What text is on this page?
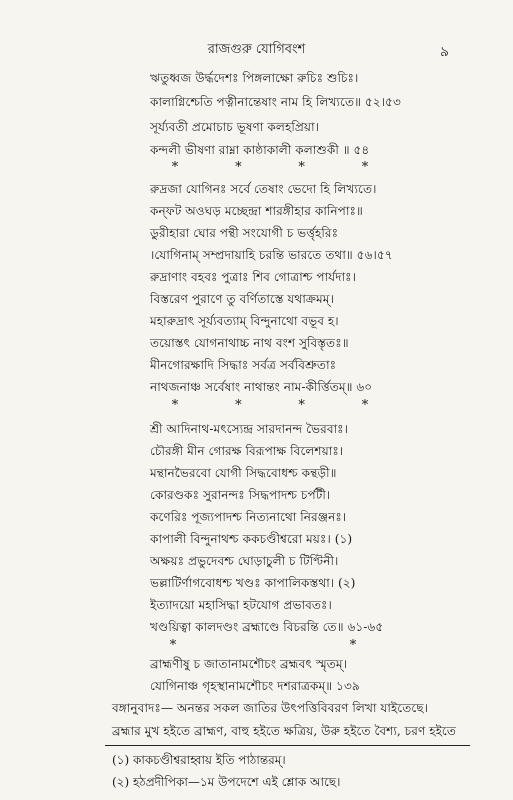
রাজগুরু যোগিবংশ	৯
ঋতুধ্বজ উর্দ্ধদেশঃ পিঙ্গলাক্ষো রুচিঃ শুচিঃ।
কালাগ্নিশ্চেতি পত্নীনান্তেষাং নাম হি লিখ্যতে॥ ৫২।৫৩
সূর্য্যবতী প্রমোচাচ ভূষণা কলহপ্রিয়া।
কন্দলী ভীষণা রাম্না কাষ্ঠাকালী কলাশুকী ॥ ৫৪
*	*	*	*
রুদ্রজা যোগিনঃ সর্বে তেষাং ভেদো হি লিখ্যতে।
কন্ফট অওঘড় মচ্ছেন্দ্রা শারঙ্গীহার কানিপাঃ॥
ডুরীহারা ঘোর পন্থী সংযোগী চ ভর্ত্তৃহরিঃ
।যোগিনাম্ সম্প্রদায়াহি চরন্তি ভারতে তথা॥ ৫৬।৫৭
রুদ্রাণাং বহবঃ পুত্রাঃ শিব গোত্রাশ্চ পার্যদাঃ।
বিস্তরেণ পুরাণে তু বর্ণিতাস্তে যথাক্রমম্।
মহারুদ্রাৎ সূর্য্যবত্যাম্ বিন্দুনাথো বভূব হ।
তয়োস্তৎ যোগনাথাচ্চ নাথ বংশ সুবিস্তৃতঃ॥
মীনগোরক্ষাদি সিদ্ধাঃ সর্বত্র সর্ববিশ্রুতাঃ
নাথজনাঞ্চ সর্বেষাং নাথান্তং নাম-কীৰ্ত্তিতম্॥ ৬০
*	*	*	*
শ্রী আদিনাথ-মৎস্যেন্দ্র সারদানন্দ ভৈরবাঃ।
চৌরঙ্গী মীন গোরক্ষ বিরূপাক্ষ বিলেশয়াঃ।
মন্থানভৈরবো যোগী সিদ্ধবোধশ্চ কন্থড়ী॥
কোরণ্ডকঃ সুরানন্দঃ সিদ্ধপাদশ্চ চর্পটী।
কণেরিঃ পূজ্যপাদশ্চ নিত্যনাথো নিরঞ্জনঃ।
কাপালী বিন্দুনাথশ্চ ককচণ্ডীশ্বরো ময়ঃ। (১)
অক্ষয়ঃ প্রভুদেবশ্চ ঘোড়াচুলী চ টিণ্টিনী।
ভল্লাটির্ণাগবোধশ্চ খণ্ডঃ কাপালিকস্তথা। (২)
ইত্যাদয়ো মহাসিদ্ধা হটযোগ প্রভাবতঃ।
খণ্ডয়িত্বা কালদণ্ডং ব্রহ্মাণ্ডে বিচরন্তি তে॥ ৬১-৬৫
*	*
ব্রাহ্মণীষু চ জাতানামশৌচং ব্রহ্মবৎ স্মৃতম্।
যোগিনাঞ্চ গৃহস্থানামশৌচং দশরাত্রকম্॥ ১৩৯
বঙ্গানুবাদঃ— অনন্তর সকল জাতির উৎপত্তিবিবরণ লিখা যাইতেছে।
ব্রহ্মার মুখ হইতে ব্রাহ্মণ, বাহু হইতে ক্ষত্রিয়, উরু হইতে বৈশ্য, চরণ হইতে
(১) কাকচণ্ডীশ্বরাহ্বায় ইতি পাঠান্তরম্।
(২) হঠপ্রদীপিকা—১ম উপদেশে এই শ্লোক আছে।
